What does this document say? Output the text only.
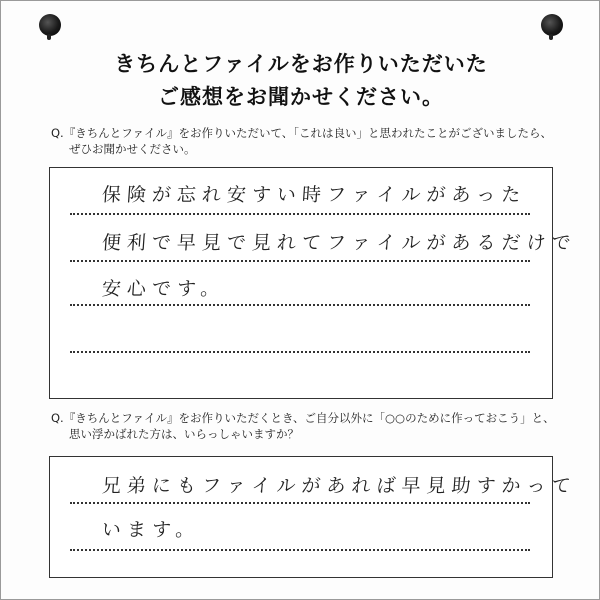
きちんとファイルをお作りいただいた
ご感想をお聞かせください。
Q.『きちんとファイル』をお作りいただいて、「これは良い」と思われたことがございましたら、
ぜひお聞かせください。
保険が忘れ安すい時ファイルがあった
便利で早見で見れてファイルがあるだけで
安心です。
Q.『きちんとファイル』をお作りいただくとき、ご自分以外に「○○のために作っておこう」と、
思い浮かばれた方は、いらっしゃいますか？
兄弟にもファイルがあれば早見助すかって
います。
